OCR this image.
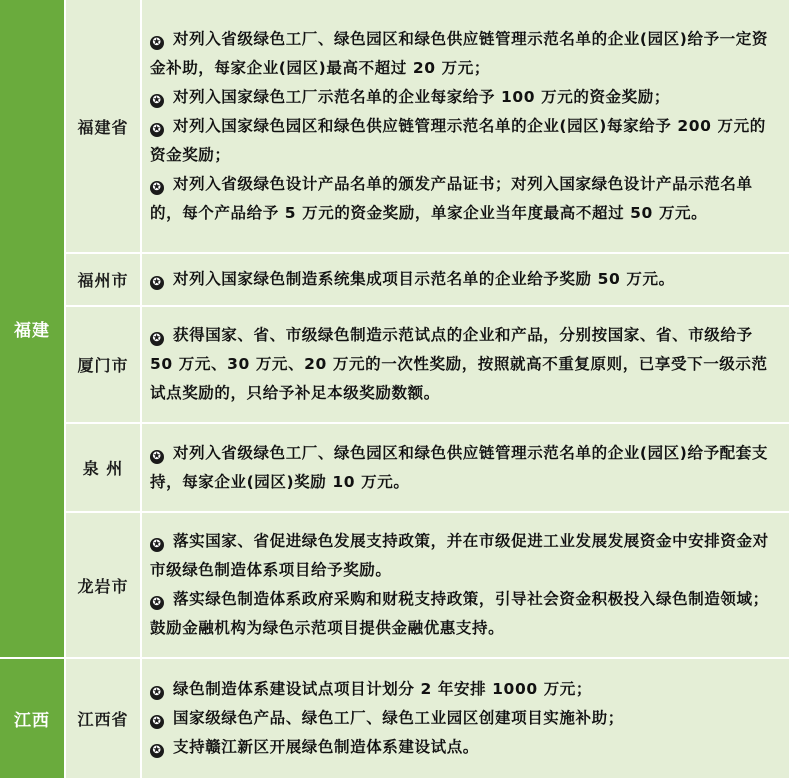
福建
福建省
✪ 对列入省级绿色工厂、绿色园区和绿色供应链管理示范名单的企业(园区)给予一定资金补助，每家企业(园区)最高不超过 20 万元；
✪ 对列入国家绿色工厂示范名单的企业每家给予 100 万元的资金奖励；
✪ 对列入国家绿色园区和绿色供应链管理示范名单的企业(园区)每家给予 200 万元的资金奖励；
✪ 对列入省级绿色设计产品名单的颁发产品证书；对列入国家绿色设计产品示范名单的，每个产品给予 5 万元的资金奖励，单家企业当年度最高不超过 50 万元。
福州市	✪ 对列入国家绿色制造系统集成项目示范名单的企业给予奖励 50 万元。
厦门市
✪ 获得国家、省、市级绿色制造示范试点的企业和产品，分别按国家、省、市级给予 50 万元、30 万元、20 万元的一次性奖励，按照就高不重复原则，已享受下一级示范试点奖励的，只给予补足本级奖励数额。
泉 州
✪ 对列入省级绿色工厂、绿色园区和绿色供应链管理示范名单的企业(园区)给予配套支持，每家企业(园区)奖励 10 万元。
龙岩市
✪ 落实国家、省促进绿色发展支持政策，并在市级促进工业发展发展资金中安排资金对市级绿色制造体系项目给予奖励。
✪ 落实绿色制造体系政府采购和财税支持政策，引导社会资金积极投入绿色制造领域；鼓励金融机构为绿色示范项目提供金融优惠支持。
江西	江西省
✪ 绿色制造体系建设试点项目计划分 2 年安排 1000 万元；
✪ 国家级绿色产品、绿色工厂、绿色工业园区创建项目实施补助；
✪ 支持赣江新区开展绿色制造体系建设试点。
